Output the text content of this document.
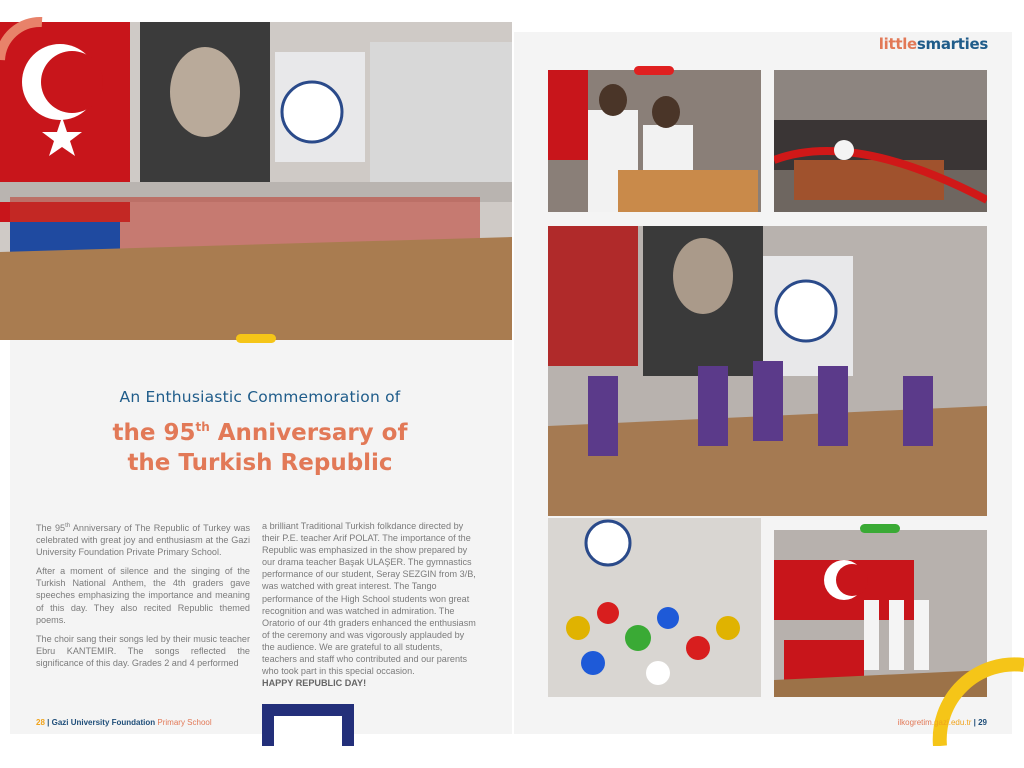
littlesmarties
An Enthusiastic Commemoration of
the 95th Anniversary of
the Turkish Republic

The 95th Anniversary of The Republic of Turkey was celebrated with great joy and enthusiasm at the Gazi University Foundation Private Primary School.

After a moment of silence and the singing of the Turkish National Anthem, the 4th graders gave speeches emphasizing the importance and meaning of this day. They also recited Republic themed poems.

The choir sang their songs led by their music teacher Ebru KANTEMIR. The songs reflected the significance of this day. Grades 2 and 4 performed

a brilliant Traditional Turkish folkdance directed by their P.E. teacher Arif POLAT. The importance of the Republic was emphasized in the show prepared by our drama teacher Başak ULAŞER. The gymnastics performance of our student, Seray SEZGIN from 3/B, was watched with great interest. The Tango performance of the High School students won great recognition and was watched in admiration. The Oratorio of our 4th graders enhanced the enthusiasm of the ceremony and was vigorously applauded by the audience. We are grateful to all students, teachers and staff who contributed and our parents who took part in this special occasion.

HAPPY REPUBLIC DAY!

28 | Gazi University Foundation Primary School	ilkogretim.gazi.edu.tr | 29
